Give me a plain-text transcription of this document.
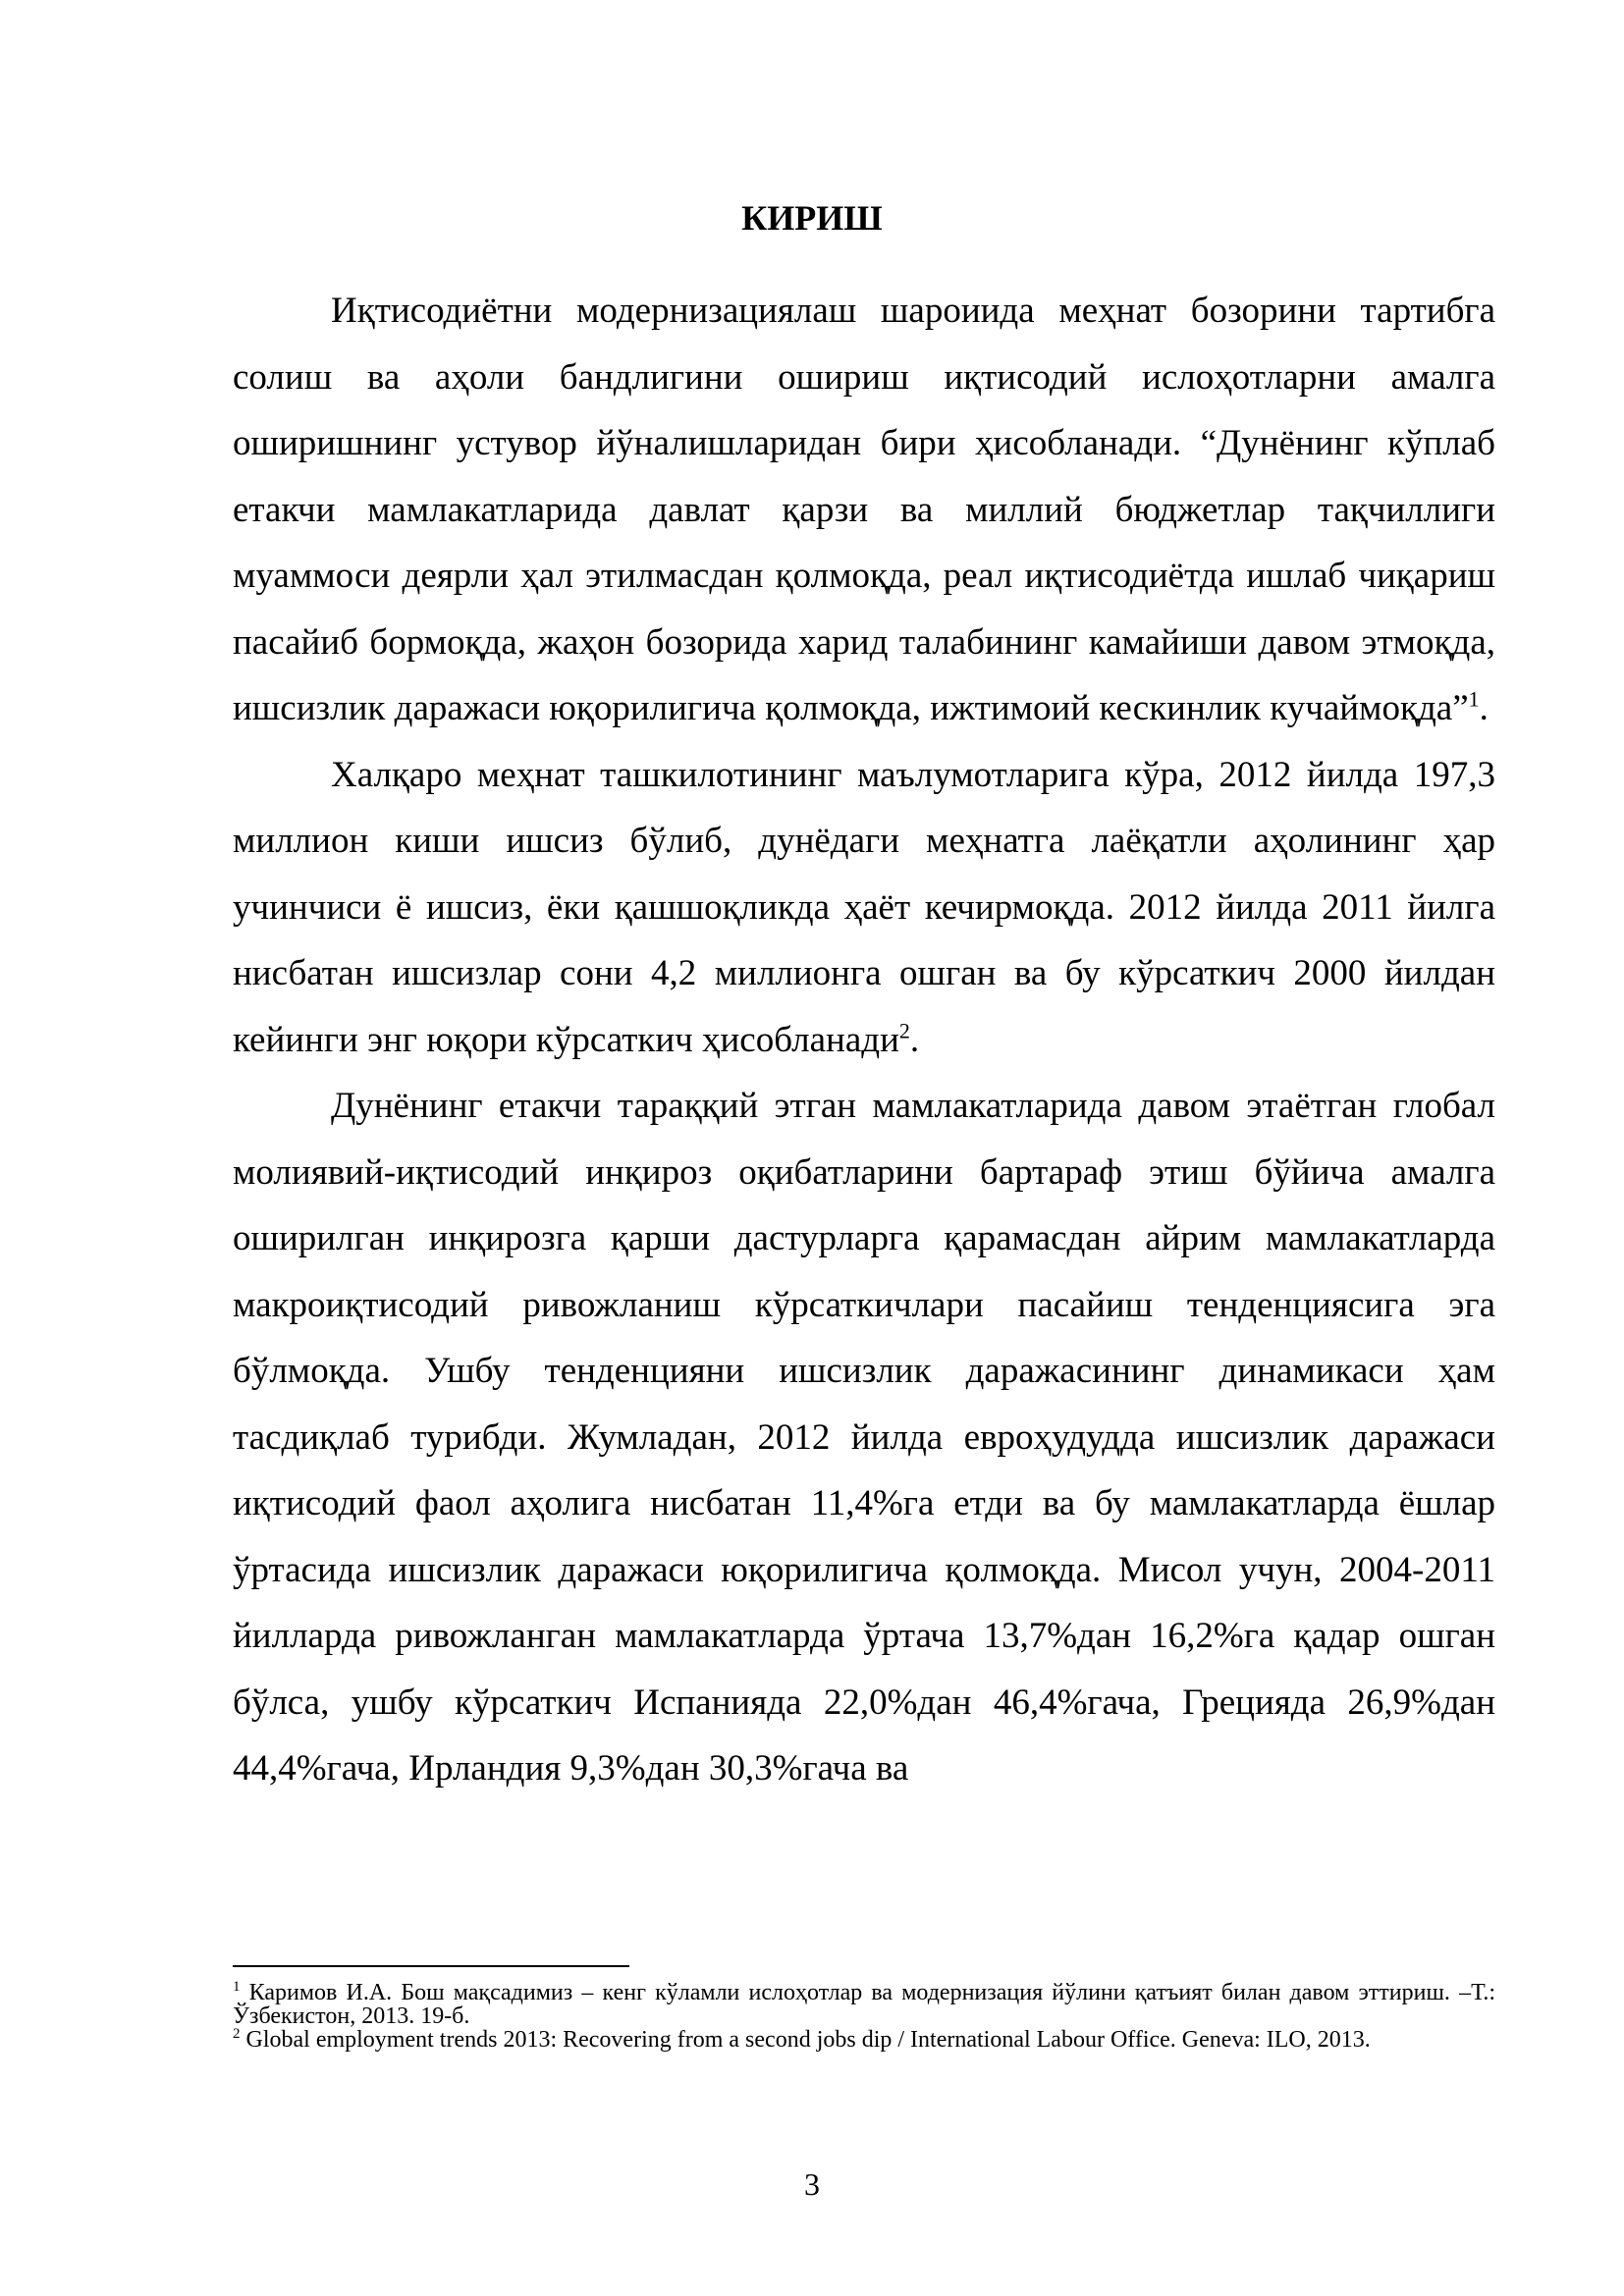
КИРИШ

Иқтисодиётни модернизациялаш шароиида меҳнат бозорини тартибга солиш ва аҳоли бандлигини ошириш иқтисодий ислоҳотларни амалга оширишнинг устувор йўналишларидан бири ҳисобланади. “Дунёнинг кўплаб етакчи мамлакатларида давлат қарзи ва миллий бюджетлар тақчиллиги муаммоси деярли ҳал этилмасдан қолмоқда, реал иқтисодиётда ишлаб чиқариш пасайиб бормоқда, жаҳон бозорида харид талабининг камайиши давом этмоқда, ишсизлик даражаси юқорилигича қолмоқда, ижтимоий кескинлик кучаймоқда”$^1$.

Халқаро меҳнат ташкилотининг маълумотларига кўра, 2012 йилда 197,3 миллион киши ишсиз бўлиб, дунёдаги меҳнатга лаёқатли аҳолининг ҳар учинчиси ё ишсиз, ёки қашшоқликда ҳаёт кечирмоқда. 2012 йилда 2011 йилга нисбатан ишсизлар сони 4,2 миллионга ошган ва бу кўрсаткич 2000 йилдан кейинги энг юқори кўрсаткич ҳисобланади$^2$.

Дунёнинг етакчи тараққий этган мамлакатларида давом этаётган глобал молиявий-иқтисодий инқироз оқибатларини бартараф этиш бўйича амалга оширилган инқирозга қарши дастурларга қарамасдан айрим мамлакатларда макроиқтисодий ривожланиш кўрсаткичлари пасайиш тенденциясига эга бўлмоқда. Ушбу тенденцияни ишсизлик даражасининг динамикаси ҳам тасдиқлаб турибди. Жумладан, 2012 йилда евроҳудудда ишсизлик даражаси иқтисодий фаол аҳолига нисбатан 11,4%га етди ва бу мамлакатларда ёшлар ўртасида ишсизлик даражаси юқорилигича қолмоқда. Мисол учун, 2004-2011 йилларда ривожланган мамлакатларда ўртача 13,7%дан 16,2%га қадар ошган бўлса, ушбу кўрсаткич Испанияда 22,0%дан 46,4%гача, Грецияда 26,9%дан 44,4%гача, Ирландия 9,3%дан 30,3%гача ва

$^1$ Каримов И.А. Бош мақсадимиз – кенг кўламли ислоҳотлар ва модернизация йўлини қатъият билан давом эттириш. –Т.: Ўзбекистон, 2013. 19-б.

$^2$ Global employment trends 2013: Recovering from a second jobs dip / International Labour Office. Geneva: ILO, 2013.

3
